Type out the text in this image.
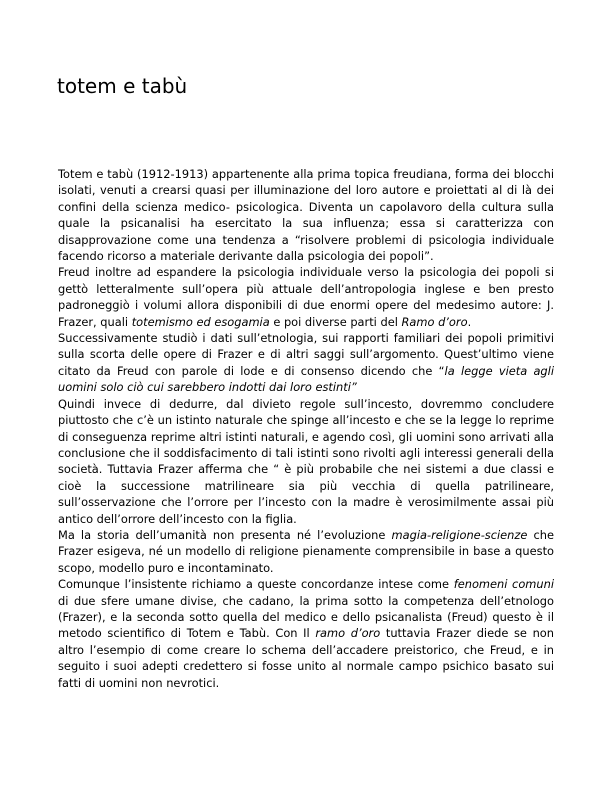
totem e tabù

Totem e tabù (1912-1913) appartenente alla prima topica freudiana, forma dei blocchi isolati, venuti a crearsi quasi per illuminazione del loro autore e proiettati al di là dei confini della scienza medico- psicologica. Diventa un capolavoro della cultura sulla quale la psicanalisi ha esercitato la sua influenza; essa si caratterizza con disapprovazione come una tendenza a “risolvere problemi di psicologia individuale facendo ricorso a materiale derivante dalla psicologia dei popoli”.

Freud inoltre ad espandere la psicologia individuale verso la psicologia dei popoli si gettò letteralmente sull’opera più attuale dell’antropologia inglese e ben presto padroneggiò i volumi allora disponibili di due enormi opere del medesimo autore: J. Frazer, quali totemismo ed esogamia e poi diverse parti del Ramo d’oro.

Successivamente studiò i dati sull’etnologia, sui rapporti familiari dei popoli primitivi sulla scorta delle opere di Frazer e di altri saggi sull’argomento. Quest’ultimo viene citato da Freud con parole di lode e di consenso dicendo che “la legge vieta agli uomini solo ciò cui sarebbero indotti dai loro estinti”

Quindi invece di dedurre, dal divieto regole sull’incesto, dovremmo concludere piuttosto che c’è un istinto naturale che spinge all’incesto e che se la legge lo reprime di conseguenza reprime altri istinti naturali, e agendo così, gli uomini sono arrivati alla conclusione che il soddisfacimento di tali istinti sono rivolti agli interessi generali della società. Tuttavia Frazer afferma che “ è più probabile che nei sistemi a due classi e cioè la successione matrilineare sia più vecchia di quella patrilineare, sull’osservazione che l’orrore per l’incesto con la madre è verosimilmente assai più antico dell’orrore dell’incesto con la figlia.

Ma la storia dell’umanità non presenta né l’evoluzione magia-religione-scienze che Frazer esigeva, né un modello di religione pienamente comprensibile in base a questo scopo, modello puro e incontaminato.

Comunque l’insistente richiamo a queste concordanze intese come fenomeni comuni di due sfere umane divise, che cadano, la prima sotto la competenza dell’etnologo (Frazer), e la seconda sotto quella del medico e dello psicanalista (Freud) questo è il metodo scientifico di Totem e Tabù. Con Il ramo d’oro tuttavia Frazer diede se non altro l’esempio di come creare lo schema dell’accadere preistorico, che Freud, e in seguito i suoi adepti credettero si fosse unito al normale campo psichico basato sui fatti di uomini non nevrotici.
